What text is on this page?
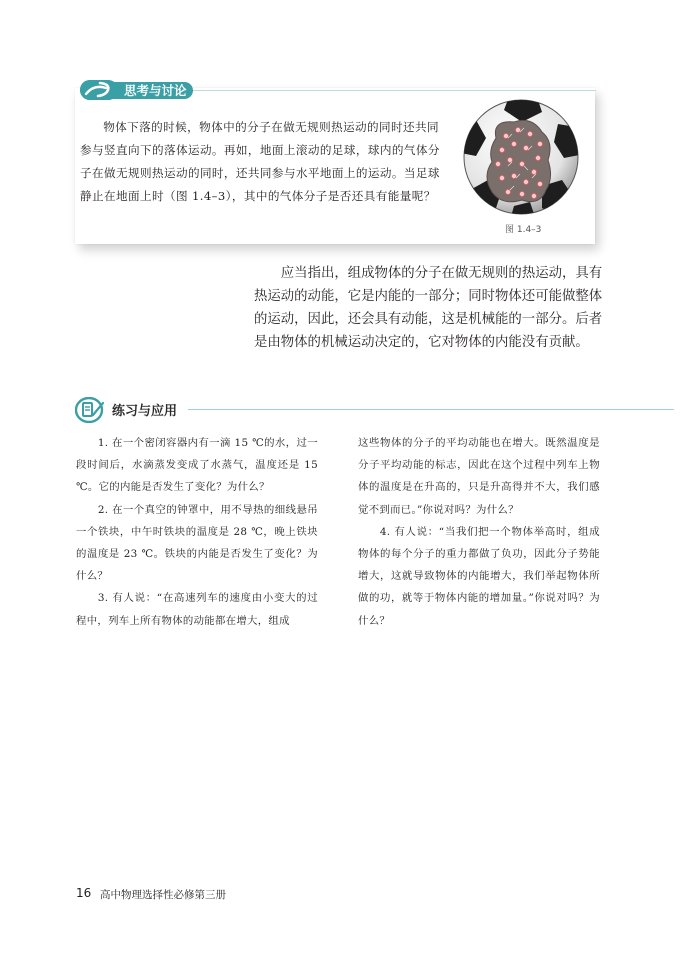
思考与讨论

物体下落的时候，物体中的分子在做无规则热运动的同时还共同参与竖直向下的落体运动。再如，地面上滚动的足球，球内的气体分子在做无规则热运动的同时，还共同参与水平地面上的运动。当足球静止在地面上时（图 1.4–3），其中的气体分子是否还具有能量呢？

图 1.4–3

应当指出，组成物体的分子在做无规则的热运动，具有热运动的动能，它是内能的一部分；同时物体还可能做整体的运动，因此，还会具有动能，这是机械能的一部分。后者是由物体的机械运动决定的，它对物体的内能没有贡献。

练习与应用

1. 在一个密闭容器内有一滴 15 ℃的水，过一段时间后，水滴蒸发变成了水蒸气，温度还是 15 ℃。它的内能是否发生了变化？为什么？

2. 在一个真空的钟罩中，用不导热的细线悬吊一个铁块，中午时铁块的温度是 28 ℃，晚上铁块的温度是 23 ℃。铁块的内能是否发生了变化？为什么？

3. 有人说：“在高速列车的速度由小变大的过程中，列车上所有物体的动能都在增大，组成

这些物体的分子的平均动能也在增大。既然温度是分子平均动能的标志，因此在这个过程中列车上物体的温度是在升高的，只是升高得并不大，我们感觉不到而已。”你说对吗？为什么？

4. 有人说：“当我们把一个物体举高时，组成物体的每个分子的重力都做了负功，因此分子势能增大，这就导致物体的内能增大，我们举起物体所做的功，就等于物体内能的增加量。”你说对吗？为什么？

16 高中物理选择性必修第三册
